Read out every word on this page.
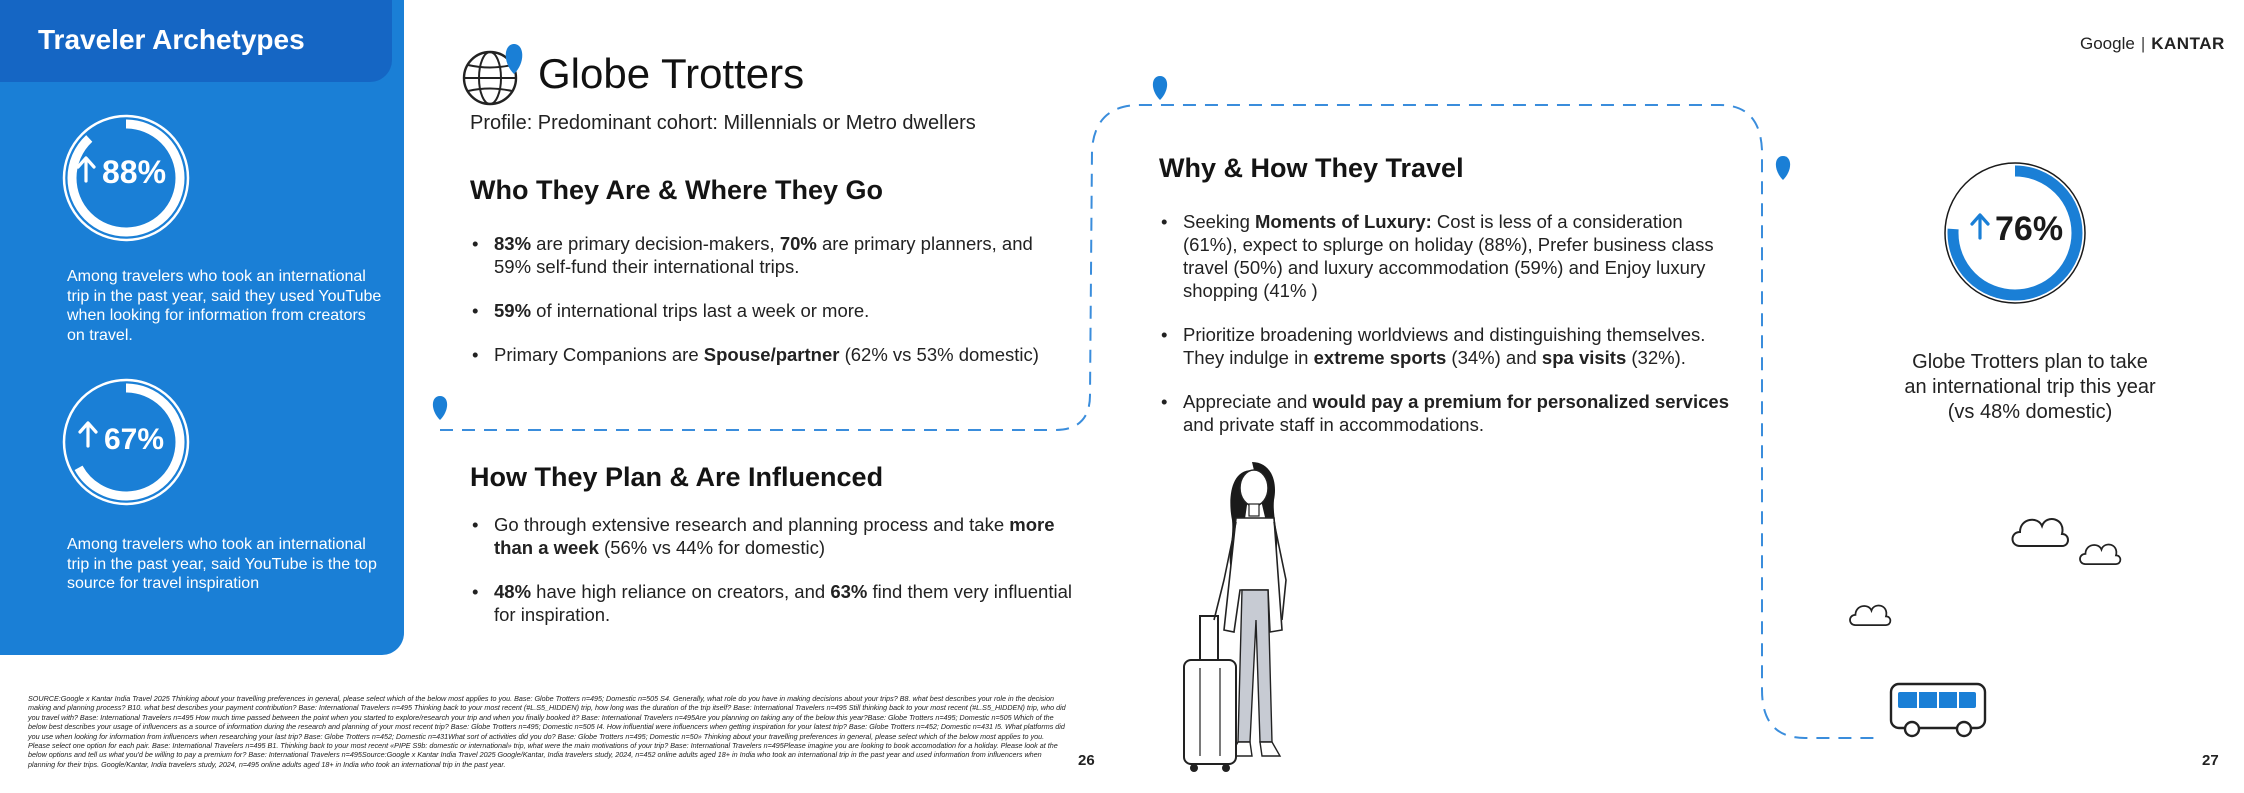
Traveler Archetypes
88%
Among travelers who took an international trip in the past year, said they used YouTube when looking for information from creators on travel.
67%
Among travelers who took an international trip in the past year, said YouTube is the top source for travel inspiration
Globe Trotters
Profile: Predominant cohort: Millennials or Metro dwellers
Who They Are & Where They Go
• 83% are primary decision-makers, 70% are primary planners, and 59% self-fund their international trips.
• 59% of international trips last a week or more.
• Primary Companions are Spouse/partner (62% vs 53% domestic)
How They Plan & Are Influenced
• Go through extensive research and planning process and take more than a week (56% vs 44% for domestic)
• 48% have high reliance on creators, and 63% find them very influential for inspiration.
Why & How They Travel
• Seeking Moments of Luxury: Cost is less of a consideration (61%), expect to splurge on holiday (88%), Prefer business class travel (50%) and luxury accommodation (59%) and Enjoy luxury shopping (41% )
• Prioritize broadening worldviews and distinguishing themselves. They indulge in extreme sports (34%) and spa visits (32%).
• Appreciate and would pay a premium for personalized services and private staff in accommodations.
Google | KANTAR
76%
Globe Trotters plan to take an international trip this year (vs 48% domestic)
SOURCE:Google x Kantar India Travel 2025 Thinking about your travelling preferences in general, please select which of the below most applies to you. Base: Globe Trotters n=495; Domestic n=505 S4. Generally, what role do you have in making decisions about your trips? B8. what best describes your role in the decision making and planning process? B10. what best describes your payment contribution? Base: International Travelers n=495 Thinking back to your most recent (#L.S5_HIDDEN) trip, how long was the duration of the trip itself? Base: International Travelers n=495 Still thinking back to your most recent (#L.S5_HIDDEN) trip, who did you travel with? Base: International Travelers n=495 How much time passed between the point when you started to explore/research your trip and when you finally booked it? Base: International Travelers n=495Are you planning on taking any of the below this year?Base: Globe Trotters n=495; Domestic n=505 Which of the below best describes your usage of influencers as a source of information during the research and planning of your most recent trip? Base: Globe Trotters n=495; Domestic n=505 I4. How influential were influencers when getting inspiration for your latest trip? Base: Globe Trotters n=452; Domestic n=431 I5. What platforms did you use when looking for information from influencers when researching your last trip? Base: Globe Trotters n=452; Domestic n=431What sort of activities did you do? Base: Globe Trotters n=495; Domestic n=50» Thinking about your travelling preferences in general, please select which of the below most applies to you. Please select one option for each pair. Base: International Travelers n=495 B1. Thinking back to your most recent «PIPE S9b: domestic or international» trip, what were the main motivations of your trip? Base: International Travelers n=495Please imagine you are looking to book accomodation for a holiday. Please look at the below options and tell us what you'd be willing to pay a premium for? Base: International Travelers n=495Source:Google x Kantar India Travel 2025 Google/Kantar, India travelers study, 2024, n=452 online adults aged 18+ in India who took an international trip in the past year and used information from influencers when planning for their trips. Google/Kantar, India travelers study, 2024, n=495 online adults aged 18+ in India who took an international trip in the past year.	26	27
